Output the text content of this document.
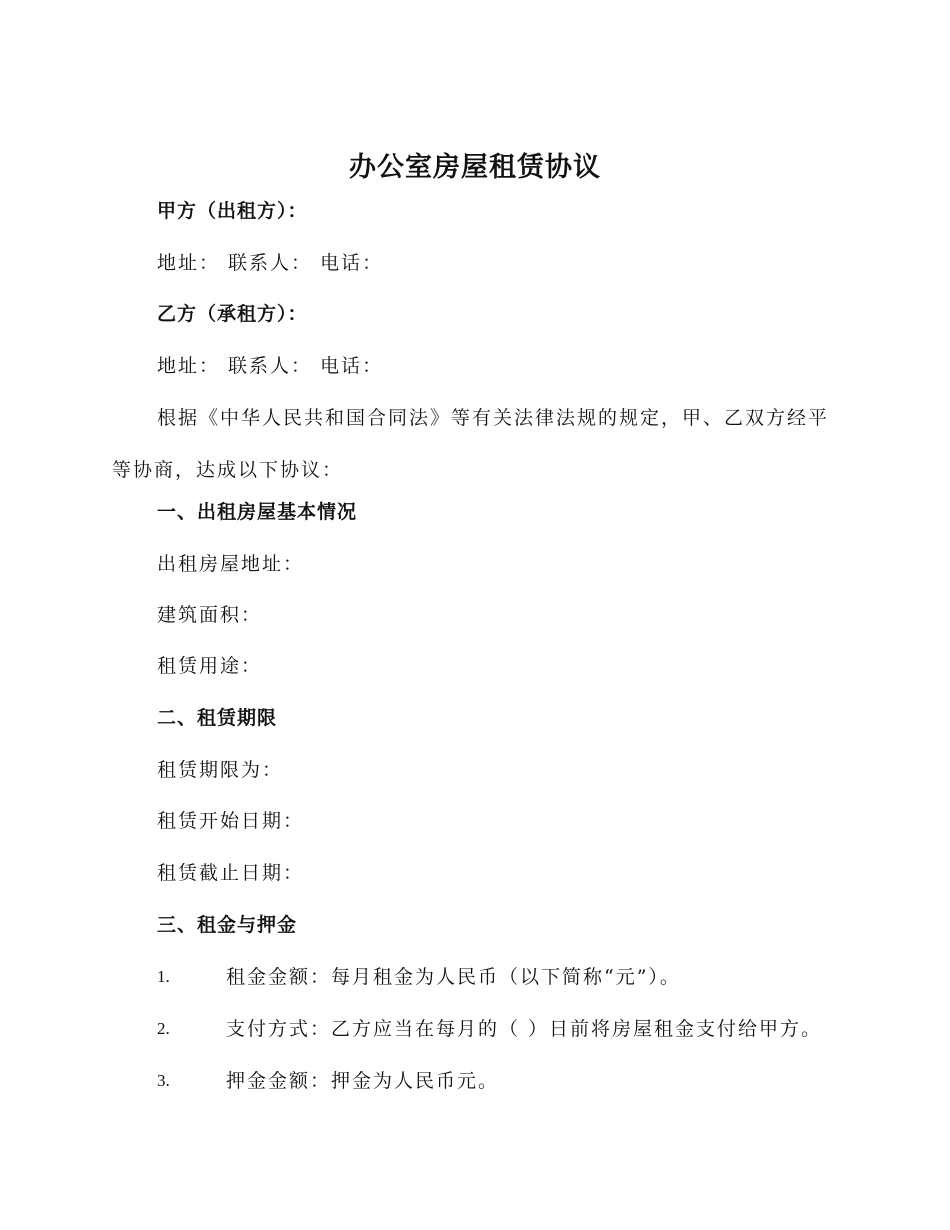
办公室房屋租赁协议
甲方（出租方）：
地址： 联系人： 电话：
乙方（承租方）：
地址： 联系人： 电话：

根据《中华人民共和国合同法》等有关法律法规的规定，甲、乙双方经平等协商，达成以下协议：

一、出租房屋基本情况
出租房屋地址：
建筑面积：
租赁用途：
二、租赁期限
租赁期限为：
租赁开始日期：
租赁截止日期：
三、租金与押金
1.	租金金额：每月租金为人民币（以下简称“元”）。
2.	支付方式：乙方应当在每月的（ ）日前将房屋租金支付给甲方。
3.	押金金额：押金为人民币元。
